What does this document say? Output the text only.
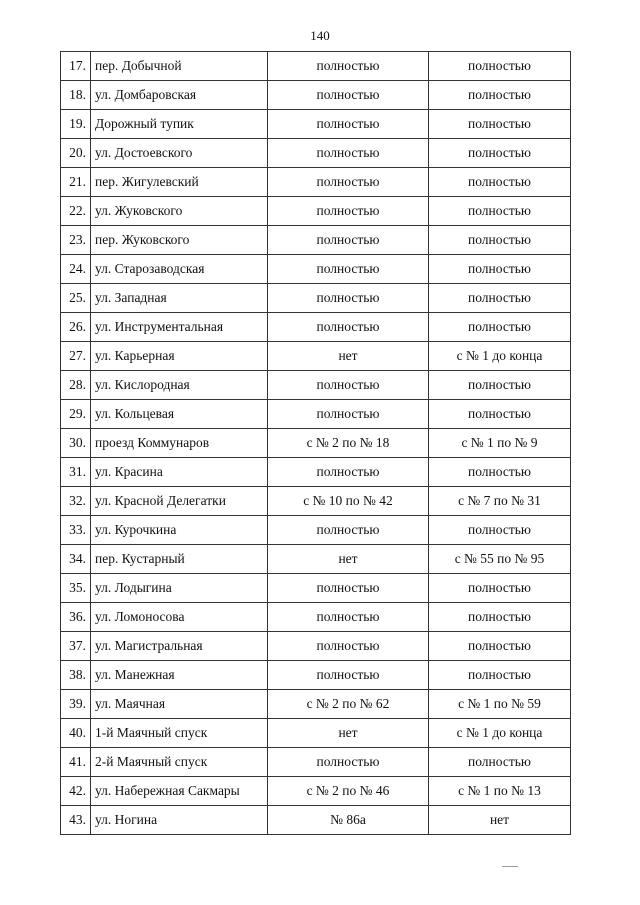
140
17.	пер. Добычной	полностью	полностью
18.	ул. Домбаровская	полностью	полностью
19.	Дорожный тупик	полностью	полностью
20.	ул. Достоевского	полностью	полностью
21.	пер. Жигулевский	полностью	полностью
22.	ул. Жуковского	полностью	полностью
23.	пер. Жуковского	полностью	полностью
24.	ул. Старозаводская	полностью	полностью
25.	ул. Западная	полностью	полностью
26.	ул. Инструментальная	полностью	полностью
27.	ул. Карьерная	нет	с № 1 до конца
28.	ул. Кислородная	полностью	полностью
29.	ул. Кольцевая	полностью	полностью
30.	проезд Коммунаров	с № 2 по № 18	с № 1 по № 9
31.	ул. Красина	полностью	полностью
32.	ул. Красной Делегатки	с № 10 по № 42	с № 7 по № 31
33.	ул. Курочкина	полностью	полностью
34.	пер. Кустарный	нет	с № 55 по № 95
35.	ул. Лодыгина	полностью	полностью
36.	ул. Ломоносова	полностью	полностью
37.	ул. Магистральная	полностью	полностью
38.	ул. Манежная	полностью	полностью
39.	ул. Маячная	с № 2 по № 62	с № 1 по № 59
40.	1-й Маячный спуск	нет	с № 1 до конца
41.	2-й Маячный спуск	полностью	полностью
42.	ул. Набережная Сакмары	с № 2 по № 46	с № 1 по № 13
43.	ул. Ногина	№ 86а	нет
